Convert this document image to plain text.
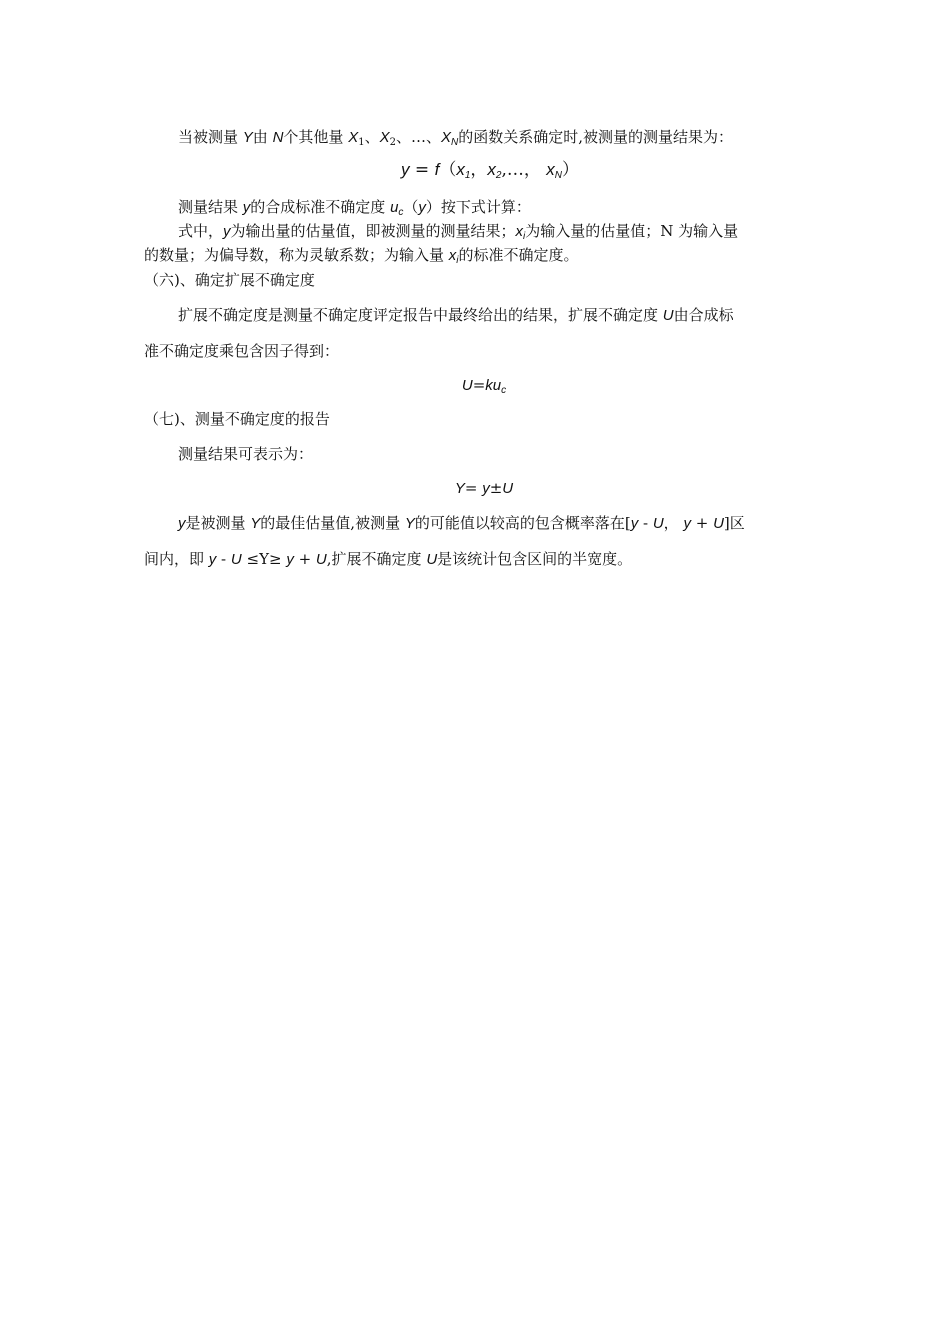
当被测量 Y由 N个其他量 $X_1$、$X_2$、…、$X_N$的函数关系确定时,被测量的测量结果为：
$y = f(x_1$，$x_2,\dots$， $x_N$）
测量结果 y的合成标准不确定度 $u_c(y)$按下式计算：
式中，y为输出量的估量值，即被测量的测量结果；$x_i$为输入量的估量值；N 为输入量
的数量；为偏导数，称为灵敏系数；为输入量 $x_i$的标准不确定度。
（六)、确定扩展不确定度
扩展不确定度是测量不确定度评定报告中最终给出的结果，扩展不确定度 U由合成标
准不确定度乘包含因子得到：
$U=ku_c$
（七)、测量不确定度的报告
测量结果可表示为：
Y= y±U
y是被测量 Y的最佳估量值,被测量 Y的可能值以较高的包含概率落在[y - U， y + U]区
间内，即 y - U ≤Y≥ y + U,扩展不确定度 U是该统计包含区间的半宽度。
